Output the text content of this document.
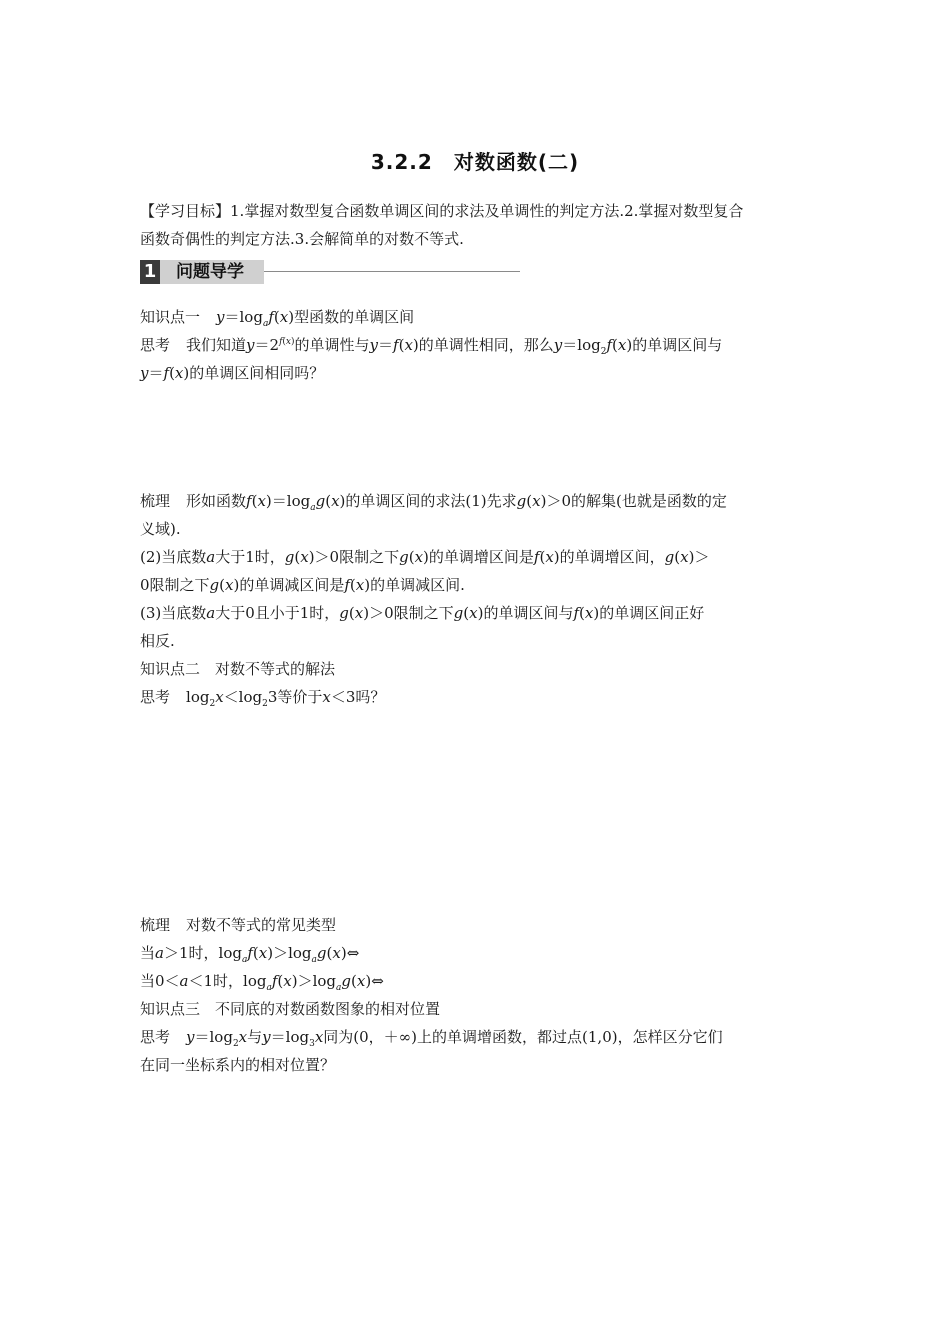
3.2.2　对数函数(二)
【学习目标】1.掌握对数型复合函数单调区间的求法及单调性的判定方法.2.掌握对数型复合
函数奇偶性的判定方法.3.会解简单的对数不等式.
1 问题导学
知识点一 $y=\log_af(x)$型函数的单调区间
思考 我们知道$y=2^{f(x)}$的单调性与y＝f(x)的单调性相同，那么$y=\log_2f(x)$的单调区间与
y＝f(x)的单调区间相同吗？
梳理 形如函数$f(x)=\log_ag(x)$的单调区间的求法(1)先求g(x)＞0的解集(也就是函数的定
义域).
(2)当底数a大于1时，g(x)＞0限制之下g(x)的单调增区间是f(x)的单调增区间，g(x)＞
0限制之下g(x)的单调减区间是f(x)的单调减区间.
(3)当底数a大于0且小于1时，g(x)＞0限制之下g(x)的单调区间与f(x)的单调区间正好
相反.
知识点二　对数不等式的解法
思考 $\log_2x<\log_23$等价于x＜3吗？
梳理 对数不等式的常见类型
当a＞1时，$\log_af(x)>\log_ag(x)\Leftrightarrow$
当0＜a＜1时，$\log_af(x)>\log_ag(x)\Leftrightarrow$
知识点三　不同底的对数函数图象的相对位置
思考 $y=\log_2x$与$y=\log_3x$同为(0，＋∞)上的单调增函数，都过点(1,0)，怎样区分它们
在同一坐标系内的相对位置？
